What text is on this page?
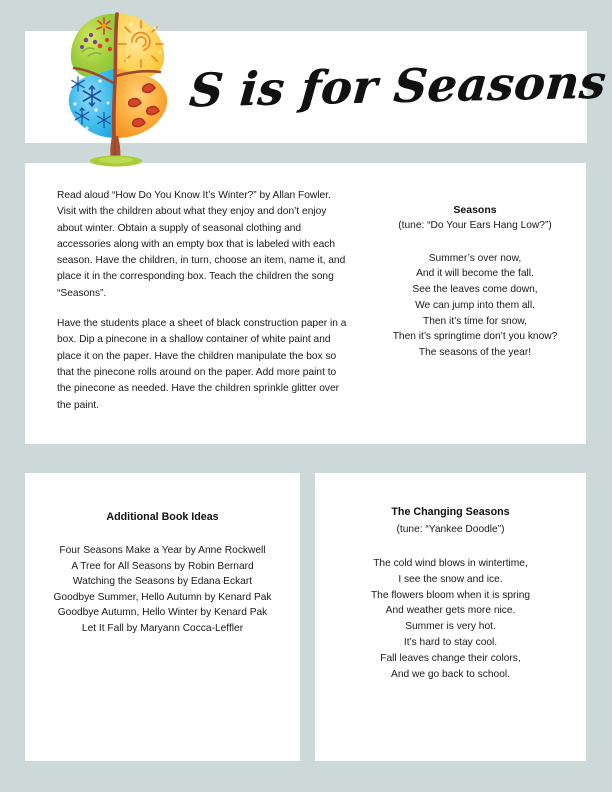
S is for Seasons

Read aloud “How Do You Know It’s Winter?” by Allan Fowler. Visit with the children about what they enjoy and don’t enjoy about winter. Obtain a supply of seasonal clothing and accessories along with an empty box that is labeled with each season. Have the children, in turn, choose an item, name it, and place it in the corresponding box. Teach the children the song “Seasons”.

Have the students place a sheet of black construction paper in a box. Dip a pinecone in a shallow container of white paint and place it on the paper. Have the children manipulate the box so that the pinecone rolls around on the paper. Add more paint to the pinecone as needed. Have the children sprinkle glitter over the paint.

Seasons

(tune: “Do Your Ears Hang Low?”)

Summer’s over now,
And it will become the fall.
See the leaves come down,
We can jump into them all.
Then it’s time for snow,
Then it’s springtime don’t you know?
The seasons of the year!

Additional Book Ideas

Four Seasons Make a Year by Anne Rockwell
A Tree for All Seasons by Robin Bernard
Watching the Seasons by Edana Eckart
Goodbye Summer, Hello Autumn by Kenard Pak
Goodbye Autumn, Hello Winter by Kenard Pak
Let It Fall by Maryann Cocca-Leffler

The Changing Seasons

(tune: “Yankee Doodle”)

The cold wind blows in wintertime,
I see the snow and ice.
The flowers bloom when it is spring
And weather gets more nice.
Summer is very hot.
It’s hard to stay cool.
Fall leaves change their colors,
And we go back to school.
